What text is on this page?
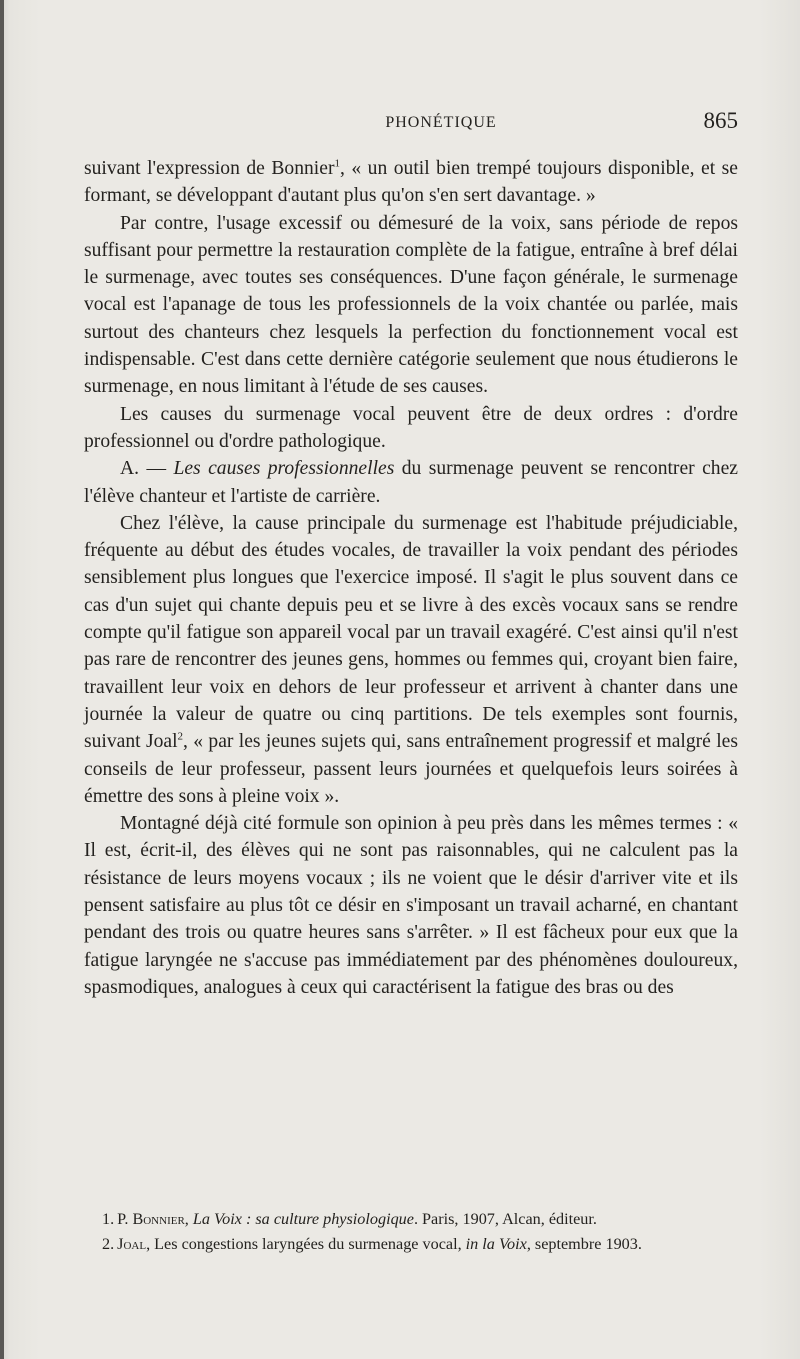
PHONÉTIQUE	865

suivant l'expression de Bonnier$^1$, « un outil bien trempé toujours disponible, et se formant, se développant d'autant plus qu'on s'en sert davantage. »

Par contre, l'usage excessif ou démesuré de la voix, sans période de repos suffisant pour permettre la restauration complète de la fatigue, entraîne à bref délai le surmenage, avec toutes ses conséquences. D'une façon générale, le surmenage vocal est l'apanage de tous les professionnels de la voix chantée ou parlée, mais surtout des chanteurs chez lesquels la perfection du fonctionnement vocal est indispensable. C'est dans cette dernière catégorie seulement que nous étudierons le surmenage, en nous limitant à l'étude de ses causes.

Les causes du surmenage vocal peuvent être de deux ordres : d'ordre professionnel ou d'ordre pathologique.

A. — Les causes professionnelles du surmenage peuvent se rencontrer chez l'élève chanteur et l'artiste de carrière.

Chez l'élève, la cause principale du surmenage est l'habitude préjudiciable, fréquente au début des études vocales, de travailler la voix pendant des périodes sensiblement plus longues que l'exercice imposé. Il s'agit le plus souvent dans ce cas d'un sujet qui chante depuis peu et se livre à des excès vocaux sans se rendre compte qu'il fatigue son appareil vocal par un travail exagéré. C'est ainsi qu'il n'est pas rare de rencontrer des jeunes gens, hommes ou femmes qui, croyant bien faire, travaillent leur voix en dehors de leur professeur et arrivent à chanter dans une journée la valeur de quatre ou cinq partitions. De tels exemples sont fournis, suivant Joal$^2$, « par les jeunes sujets qui, sans entraînement progressif et malgré les conseils de leur professeur, passent leurs journées et quelquefois leurs soirées à émettre des sons à pleine voix ».

Montagné déjà cité formule son opinion à peu près dans les mêmes termes : « Il est, écrit-il, des élèves qui ne sont pas raisonnables, qui ne calculent pas la résistance de leurs moyens vocaux ; ils ne voient que le désir d'arriver vite et ils pensent satisfaire au plus tôt ce désir en s'imposant un travail acharné, en chantant pendant des trois ou quatre heures sans s'arrêter. » Il est fâcheux pour eux que la fatigue laryngée ne s'accuse pas immédiatement par des phénomènes douloureux, spasmodiques, analogues à ceux qui caractérisent la fatigue des bras ou des

1. P. Bonnier, La Voix : sa culture physiologique. Paris, 1907, Alcan, éditeur.

2. Joal, Les congestions laryngées du surmenage vocal, in la Voix, septembre 1903.
